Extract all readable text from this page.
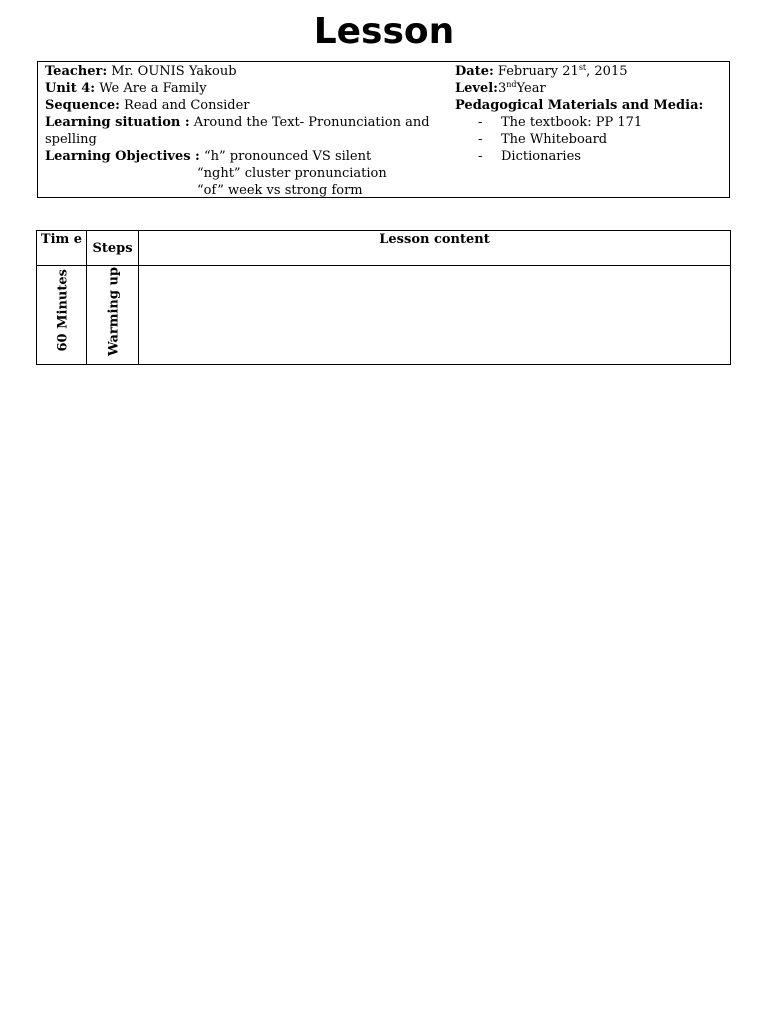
Lesson
Teacher: Mr. OUNIS Yakoub
Unit 4: We Are a Family
Sequence: Read and Consider
Learning situation : Around the Text- Pronunciation and spelling
Learning Objectives : “h” pronounced VS silent
“nght” cluster pronunciation
“of” week vs strong form
Date: February 21st, 2015
Level:3ndYear
Pedagogical Materials and Media:
- The textbook: PP 171
- The Whiteboard
- Dictionaries
Tim e	Steps	Lesson content

60 Minutes	Warming up	
